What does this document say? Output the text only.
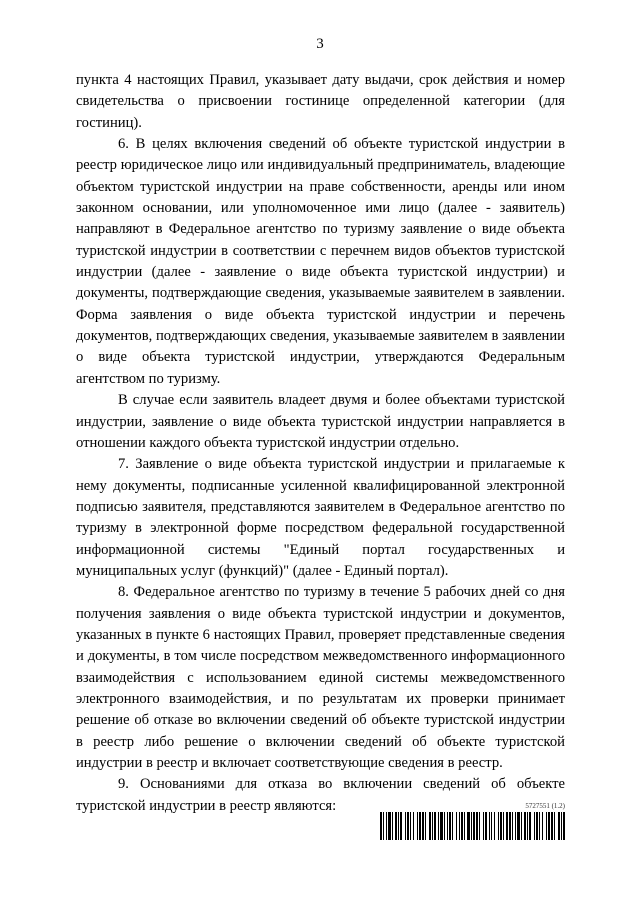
3

пункта 4 настоящих Правил, указывает дату выдачи, срок действия и номер свидетельства о присвоении гостинице определенной категории (для гостиниц).

6. В целях включения сведений об объекте туристской индустрии в реестр юридическое лицо или индивидуальный предприниматель, владеющие объектом туристской индустрии на праве собственности, аренды или ином законном основании, или уполномоченное ими лицо (далее - заявитель) направляют в Федеральное агентство по туризму заявление о виде объекта туристской индустрии в соответствии с перечнем видов объектов туристской индустрии (далее - заявление о виде объекта туристской индустрии) и документы, подтверждающие сведения, указываемые заявителем в заявлении. Форма заявления о виде объекта туристской индустрии и перечень документов, подтверждающих сведения, указываемые заявителем в заявлении о виде объекта туристской индустрии, утверждаются Федеральным агентством по туризму.

В случае если заявитель владеет двумя и более объектами туристской индустрии, заявление о виде объекта туристской индустрии направляется в отношении каждого объекта туристской индустрии отдельно.

7. Заявление о виде объекта туристской индустрии и прилагаемые к нему документы, подписанные усиленной квалифицированной электронной подписью заявителя, представляются заявителем в Федеральное агентство по туризму в электронной форме посредством федеральной государственной информационной системы "Единый портал государственных и муниципальных услуг (функций)" (далее - Единый портал).

8. Федеральное агентство по туризму в течение 5 рабочих дней со дня получения заявления о виде объекта туристской индустрии и документов, указанных в пункте 6 настоящих Правил, проверяет представленные сведения и документы, в том числе посредством межведомственного информационного взаимодействия с использованием единой системы межведомственного электронного взаимодействия, и по результатам их проверки принимает решение об отказе во включении сведений об объекте туристской индустрии в реестр либо решение о включении сведений об объекте туристской индустрии в реестр и включает соответствующие сведения в реестр.

9. Основаниями для отказа во включении сведений об объекте туристской индустрии в реестр являются:	5727551 (1.2)
